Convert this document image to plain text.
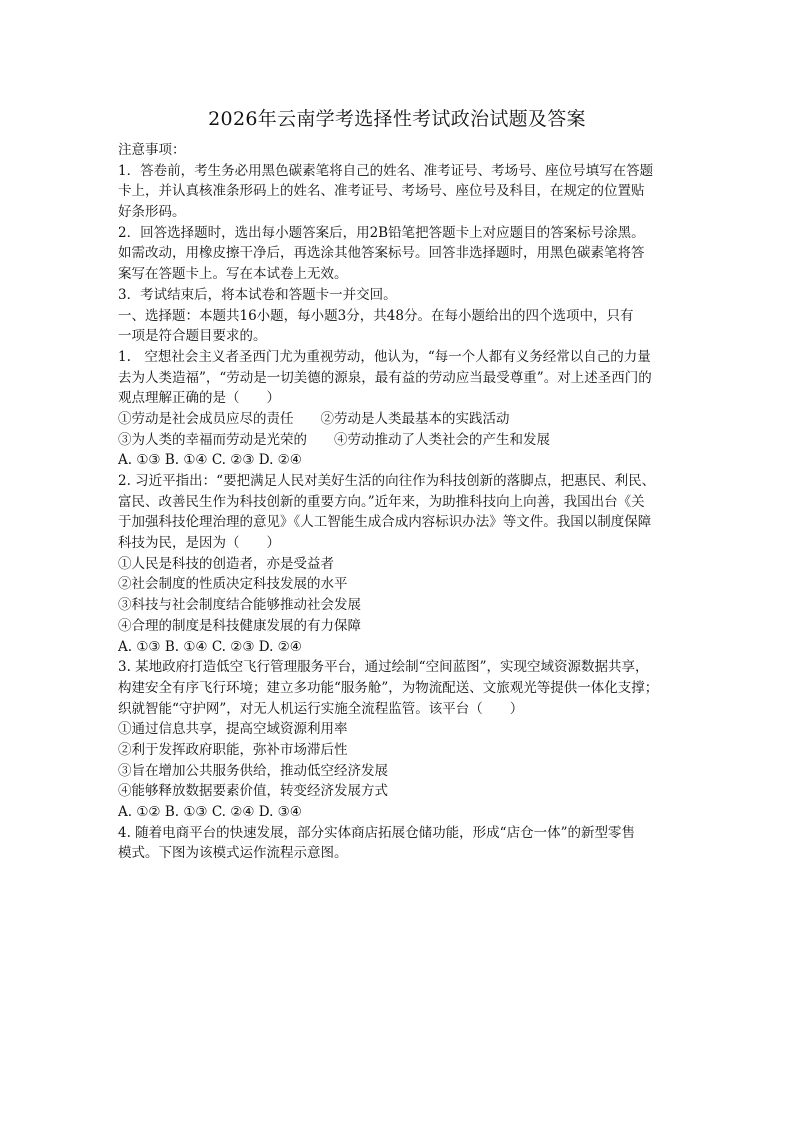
2026年云南学考选择性考试政治试题及答案
注意事项：
1．答卷前，考生务必用黑色碳素笔将自己的姓名、准考证号、考场号、座位号填写在答题
卡上，并认真核准条形码上的姓名、准考证号、考场号、座位号及科目，在规定的位置贴
好条形码。
2．回答选择题时，选出每小题答案后，用2B铅笔把答题卡上对应题目的答案标号涂黑。
如需改动，用橡皮擦干净后，再选涂其他答案标号。回答非选择题时，用黑色碳素笔将答
案写在答题卡上。写在本试卷上无效。
3．考试结束后，将本试卷和答题卡一并交回。
一、选择题：本题共16小题，每小题3分，共48分。在每小题给出的四个选项中，只有
一项是符合题目要求的。
1.　空想社会主义者圣西门尤为重视劳动，他认为，“每一个人都有义务经常以自己的力量
去为人类造福”，“劳动是一切美德的源泉，最有益的劳动应当最受尊重”。对上述圣西门的
观点理解正确的是（　　）
①劳动是社会成员应尽的责任　　②劳动是人类最基本的实践活动
③为人类的幸福而劳动是光荣的　　④劳动推动了人类社会的产生和发展
A. ①③ B. ①④ C. ②③ D. ②④
2. 习近平指出：“要把满足人民对美好生活的向往作为科技创新的落脚点，把惠民、利民、
富民、改善民生作为科技创新的重要方向。”近年来，为助推科技向上向善，我国出台《关
于加强科技伦理治理的意见》《人工智能生成合成内容标识办法》等文件。我国以制度保障
科技为民，是因为（　　）
①人民是科技的创造者，亦是受益者
②社会制度的性质决定科技发展的水平
③科技与社会制度结合能够推动社会发展
④合理的制度是科技健康发展的有力保障
A. ①③ B. ①④ C. ②③ D. ②④
3. 某地政府打造低空飞行管理服务平台，通过绘制“空间蓝图”，实现空域资源数据共享，
构建安全有序飞行环境；建立多功能“服务舱”，为物流配送、文旅观光等提供一体化支撑；
织就智能“守护网”，对无人机运行实施全流程监管。该平台（　　）
①通过信息共享，提高空域资源利用率
②利于发挥政府职能，弥补市场滞后性
③旨在增加公共服务供给，推动低空经济发展
④能够释放数据要素价值，转变经济发展方式
A. ①② B. ①③ C. ②④ D. ③④
4. 随着电商平台的快速发展，部分实体商店拓展仓储功能，形成“店仓一体”的新型零售
模式。下图为该模式运作流程示意图。
